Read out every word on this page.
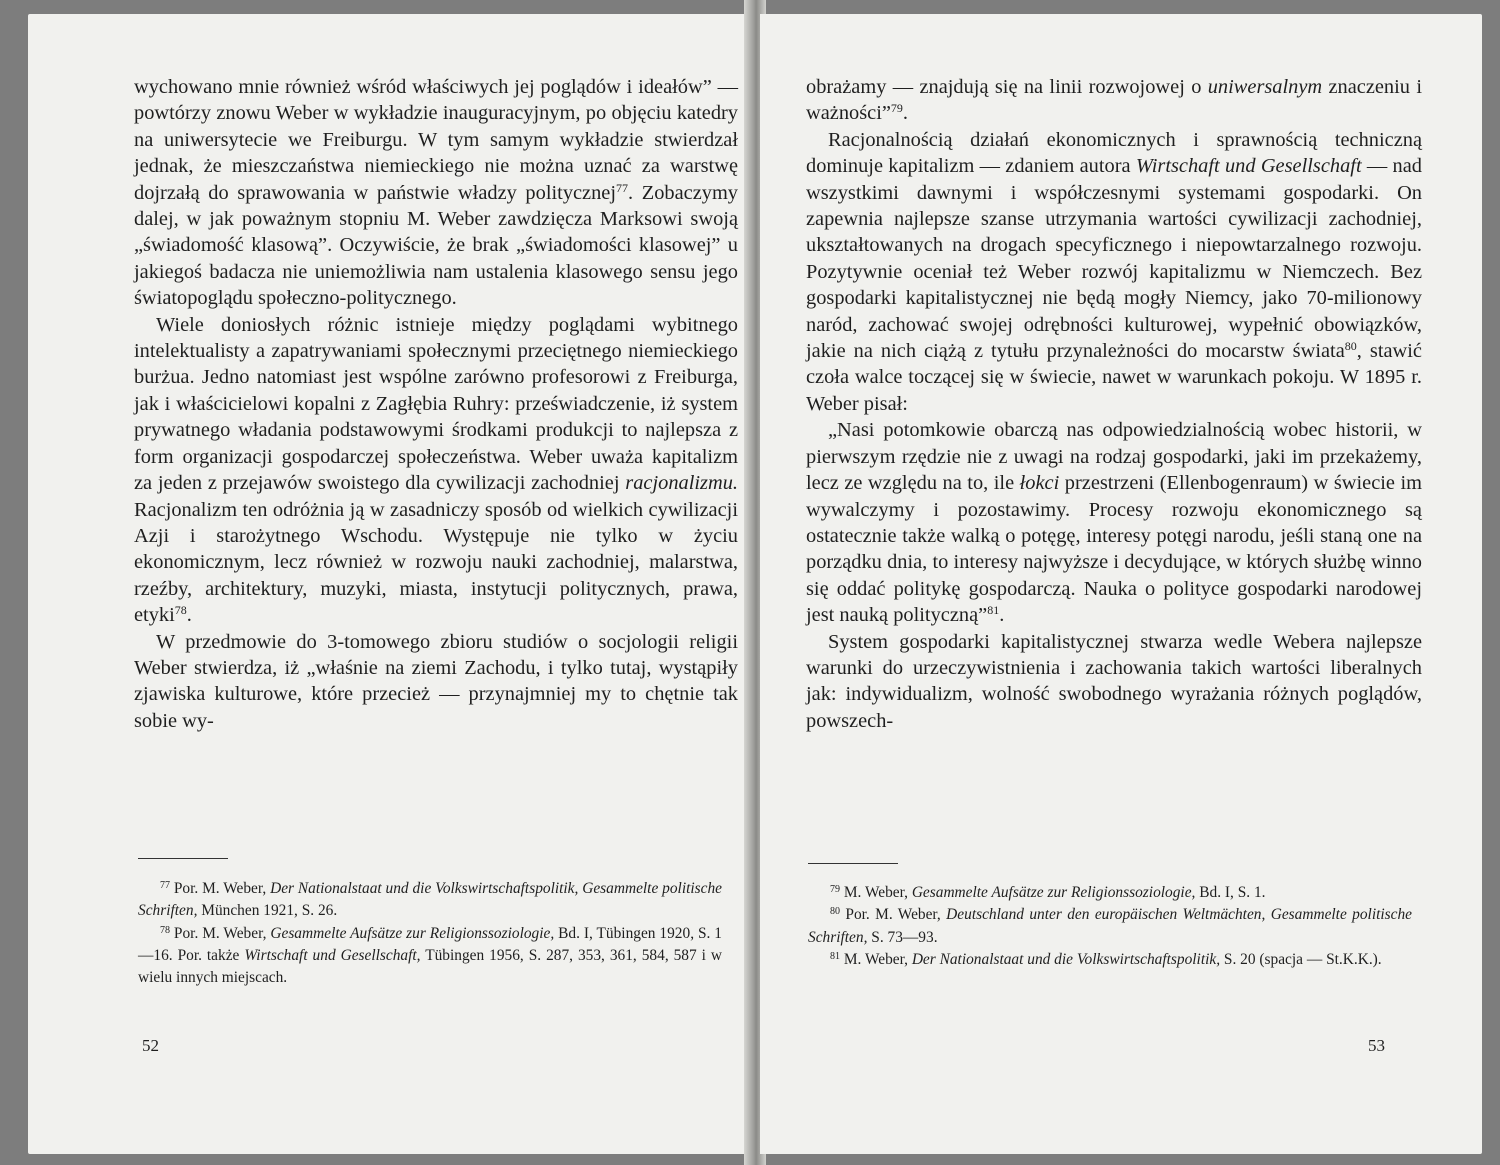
wychowano mnie również wśród właściwych jej poglądów i ideałów” — powtórzy znowu Weber w wykładzie inauguracyjnym, po objęciu katedry na uniwersytecie we Freiburgu. W tym samym wykładzie stwierdzał jednak, że mieszczaństwa niemieckiego nie można uznać za warstwę dojrzałą do sprawowania w państwie władzy politycznej$^{77}$. Zobaczymy dalej, w jak poważnym stopniu M. Weber zawdzięcza Marksowi swoją „świadomość klasową”. Oczywiście, że brak „świadomości klasowej” u jakiegoś badacza nie uniemożliwia nam ustalenia klasowego sensu jego światopoglądu społeczno-politycznego.

Wiele doniosłych różnic istnieje między poglądami wybitnego intelektualisty a zapatrywaniami społecznymi przeciętnego niemieckiego burżua. Jedno natomiast jest wspólne zarówno profesorowi z Freiburga, jak i właścicielowi kopalni z Zagłębia Ruhry: przeświadczenie, iż system prywatnego władania podstawowymi środkami produkcji to najlepsza z form organizacji gospodarczej społeczeństwa. Weber uważa kapitalizm za jeden z przejawów swoistego dla cywilizacji zachodniej racjonalizmu. Racjonalizm ten odróżnia ją w zasadniczy sposób od wielkich cywilizacji Azji i starożytnego Wschodu. Występuje nie tylko w życiu ekonomicznym, lecz również w rozwoju nauki zachodniej, malarstwa, rzeźby, architektury, muzyki, miasta, instytucji politycznych, prawa, etyki$^{78}$.

W przedmowie do 3-tomowego zbioru studiów o socjologii religii Weber stwierdza, iż „właśnie na ziemi Zachodu, i tylko tutaj, wystąpiły zjawiska kulturowe, które przecież — przynajmniej my to chętnie tak sobie wy-

$^{77}$ Por. M. Weber, Der Nationalstaat und die Volkswirtschaftspolitik, Gesammelte politische Schriften, München 1921, S. 26.

$^{78}$ Por. M. Weber, Gesammelte Aufsätze zur Religionssoziologie, Bd. I, Tübingen 1920, S. 1—16. Por. także Wirtschaft und Gesellschaft, Tübingen 1956, S. 287, 353, 361, 584, 587 i w wielu innych miejscach.

52

obrażamy — znajdują się na linii rozwojowej o uniwersalnym znaczeniu i ważności”$^{79}$.

Racjonalnością działań ekonomicznych i sprawnością techniczną dominuje kapitalizm — zdaniem autora Wirtschaft und Gesellschaft — nad wszystkimi dawnymi i współczesnymi systemami gospodarki. On zapewnia najlepsze szanse utrzymania wartości cywilizacji zachodniej, ukształtowanych na drogach specyficznego i niepowtarzalnego rozwoju. Pozytywnie oceniał też Weber rozwój kapitalizmu w Niemczech. Bez gospodarki kapitalistycznej nie będą mogły Niemcy, jako 70-milionowy naród, zachować swojej odrębności kulturowej, wypełnić obowiązków, jakie na nich ciążą z tytułu przynależności do mocarstw świata$^{80}$, stawić czoła walce toczącej się w świecie, nawet w warunkach pokoju. W 1895 r. Weber pisał:

„Nasi potomkowie obarczą nas odpowiedzialnością wobec historii, w pierwszym rzędzie nie z uwagi na rodzaj gospodarki, jaki im przekażemy, lecz ze względu na to, ile łokci przestrzeni (Ellenbogenraum) w świecie im wywalczymy i pozostawimy. Procesy rozwoju ekonomicznego są ostatecznie także walką o potęgę, interesy potęgi narodu, jeśli staną one na porządku dnia, to interesy najwyższe i decydujące, w których służbę winno się oddać politykę gospodarczą. Nauka o polityce gospodarki narodowej jest nauką polityczną”$^{81}$.

System gospodarki kapitalistycznej stwarza wedle Webera najlepsze warunki do urzeczywistnienia i zachowania takich wartości liberalnych jak: indywidualizm, wolność swobodnego wyrażania różnych poglądów, powszech-

$^{79}$ M. Weber, Gesammelte Aufsätze zur Religionssoziologie, Bd. I, S. 1.

$^{80}$ Por. M. Weber, Deutschland unter den europäischen Weltmächten, Gesammelte politische Schriften, S. 73—93.

$^{81}$ M. Weber, Der Nationalstaat und die Volkswirtschaftspolitik, S. 20 (spacja — St.K.K.).

53
